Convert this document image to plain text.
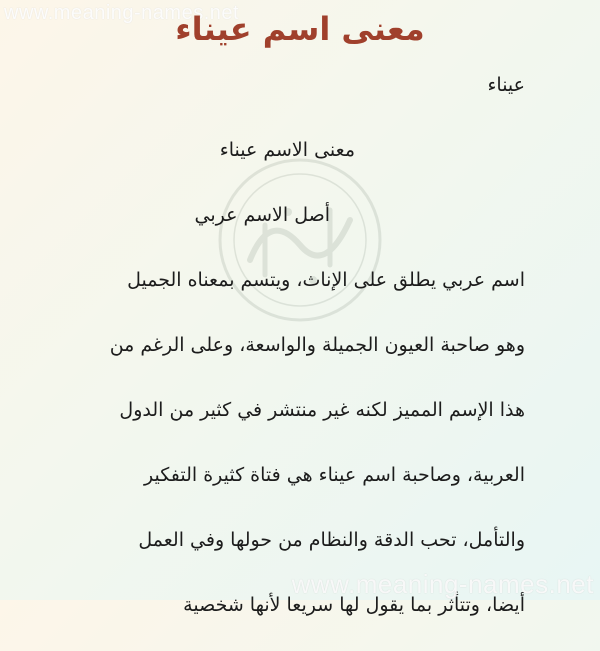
www.meaning-names.net
معنى اسم عيناء
عيناء
معنى الاسم عيناء
أصل الاسم عربي
اسم عربي يطلق على الإناث، ويتسم بمعناه الجميل
وهو صاحبة العيون الجميلة والواسعة، وعلى الرغم من
هذا الإسم المميز لكنه غير منتشر في كثير من الدول
العربية، وصاحبة اسم عيناء هي فتاة كثيرة التفكير
والتأمل، تحب الدقة والنظام من حولها وفي العمل
أيضا، وتتأثر بما يقول لها سريعا لأنها شخصية
www.meaning-names.net
